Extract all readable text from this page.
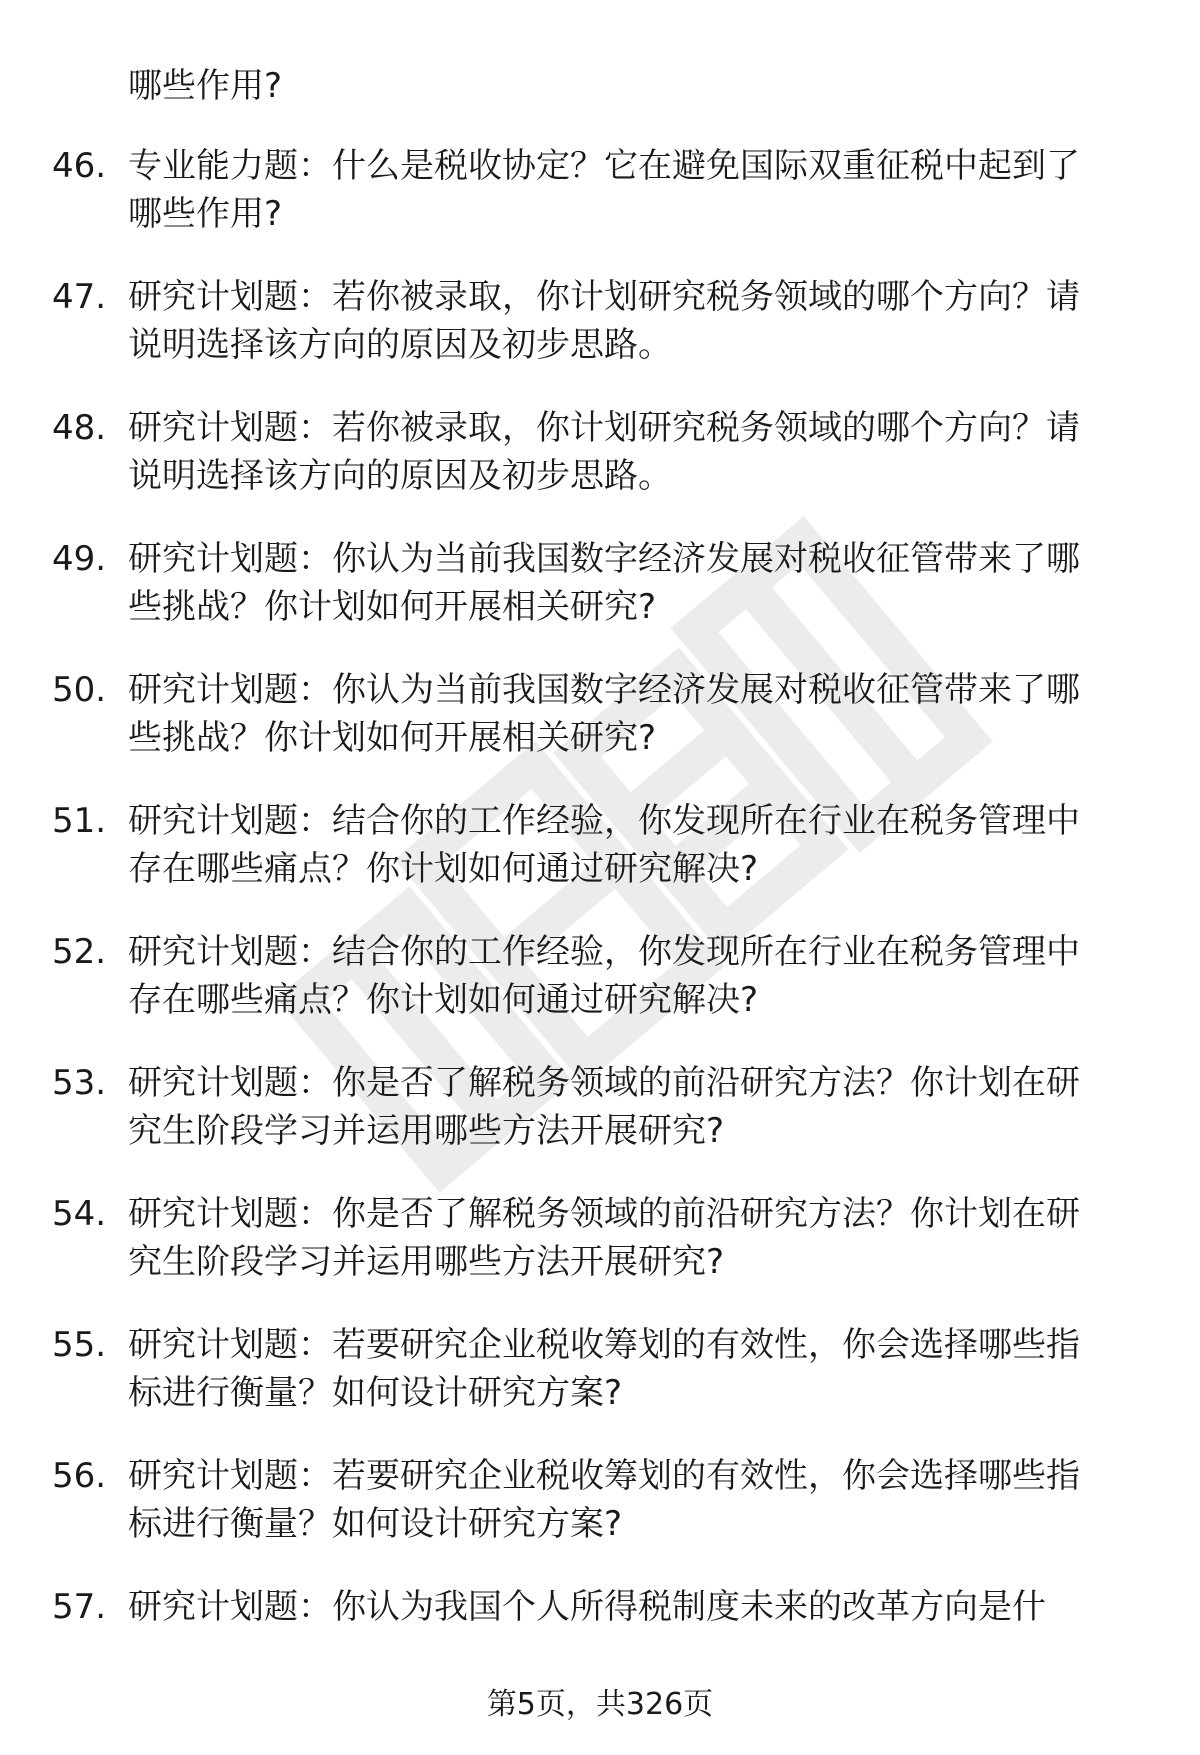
哪些作用?
46. 专业能力题：什么是税收协定？它在避免国际双重征税中起到了
哪些作用?
47. 研究计划题：若你被录取，你计划研究税务领域的哪个方向？请
说明选择该方向的原因及初步思路。
48. 研究计划题：若你被录取，你计划研究税务领域的哪个方向？请
说明选择该方向的原因及初步思路。
49. 研究计划题：你认为当前我国数字经济发展对税收征管带来了哪
些挑战？你计划如何开展相关研究?
50. 研究计划题：你认为当前我国数字经济发展对税收征管带来了哪
些挑战？你计划如何开展相关研究?
51. 研究计划题：结合你的工作经验，你发现所在行业在税务管理中
存在哪些痛点？你计划如何通过研究解决?
52. 研究计划题：结合你的工作经验，你发现所在行业在税务管理中
存在哪些痛点？你计划如何通过研究解决?
53. 研究计划题：你是否了解税务领域的前沿研究方法？你计划在研
究生阶段学习并运用哪些方法开展研究?
54. 研究计划题：你是否了解税务领域的前沿研究方法？你计划在研
究生阶段学习并运用哪些方法开展研究?
55. 研究计划题：若要研究企业税收筹划的有效性，你会选择哪些指
标进行衡量？如何设计研究方案?
56. 研究计划题：若要研究企业税收筹划的有效性，你会选择哪些指
标进行衡量？如何设计研究方案?
57. 研究计划题：你认为我国个人所得税制度未来的改革方向是什
第5页，共326页
